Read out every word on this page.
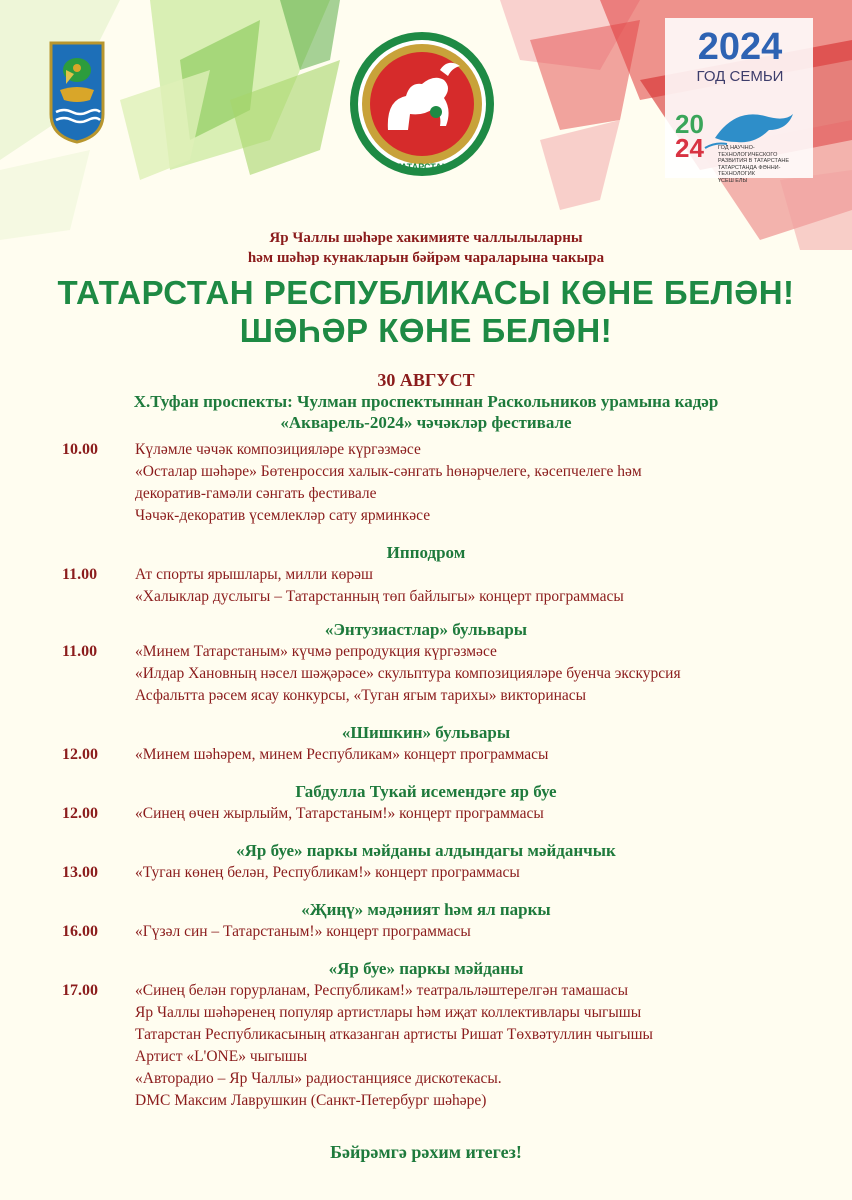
ТАТАРСТАН
2024
ГОД СЕМЬИ
20
24	ГОД НАУЧНО-ТЕХНОЛОГИЧЕСКОГО
РАЗВИТИЯ В ТАТАРСТАНЕ
ТАТАРСТАНДА ФӘННИ-ТЕХНОЛОГИК
ҮСЕШ ЕЛЫ
Яр Чаллы шәһәре хакимияте чаллылыларны
һәм шәһәр кунакларын бәйрәм чараларына чакыра
ТАТАРСТАН РЕСПУБЛИКАСЫ КӨНЕ БЕЛӘН!
ШӘҺӘР КӨНЕ БЕЛӘН!
30 АВГУСТ
Х.Туфан проспекты: Чулман проспектыннан Раскольников урамына кадәр
«Акварель-2024» чәчәкләр фестивале
10.00 Күләмле чәчәк композицияләре күргәзмәсе
«Осталар шәһәре» Бөтенроссия халык-сәнгать һөнәрчелеге, кәсепчелеге һәм
декоратив-гамәли сәнгать фестивале
Чәчәк-декоратив үсемлекләр сату ярминкәсе
Ипподром
11.00 Ат спорты ярышлары, милли көрәш
«Халыклар дуслыгы – Татарстанның төп байлыгы» концерт программасы
«Энтузиастлар» бульвары
11.00 «Минем Татарстаным» күчмә репродукция күргәзмәсе
«Илдар Хановның нәсел шәҗәрәсе» скульптура композицияләре буенча экскурсия
Асфальтта рәсем ясау конкурсы, «Туган ягым тарихы» викторинасы
«Шишкин» бульвары
12.00 «Минем шәһәрем, минем Республикам» концерт программасы
Габдулла Тукай исемендәге яр буе
12.00 «Синең өчен жырлыйм, Татарстаным!» концерт программасы
«Яр буе» паркы мәйданы алдындагы мәйданчык
13.00 «Туган көнең белән, Республикам!» концерт программасы
«Җиңү» мәдәният һәм ял паркы
16.00 «Гүзәл син – Татарстаным!» концерт программасы
«Яр буе» паркы мәйданы
17.00 «Синең белән горурланам, Республикам!» театральләштерелгән тамашасы
Яр Чаллы шәһәренең популяр артистлары һәм иҗат коллективлары чыгышы
Татарстан Республикасының атказанган артисты Ришат Төхвәтуллин чыгышы
Артист «L'ONE» чыгышы
«Авторадио – Яр Чаллы» радиостанциясе дискотекасы.
DMC Максим Лаврушкин (Санкт-Петербург шәһәре)
Бәйрәмгә рәхим итегез!
